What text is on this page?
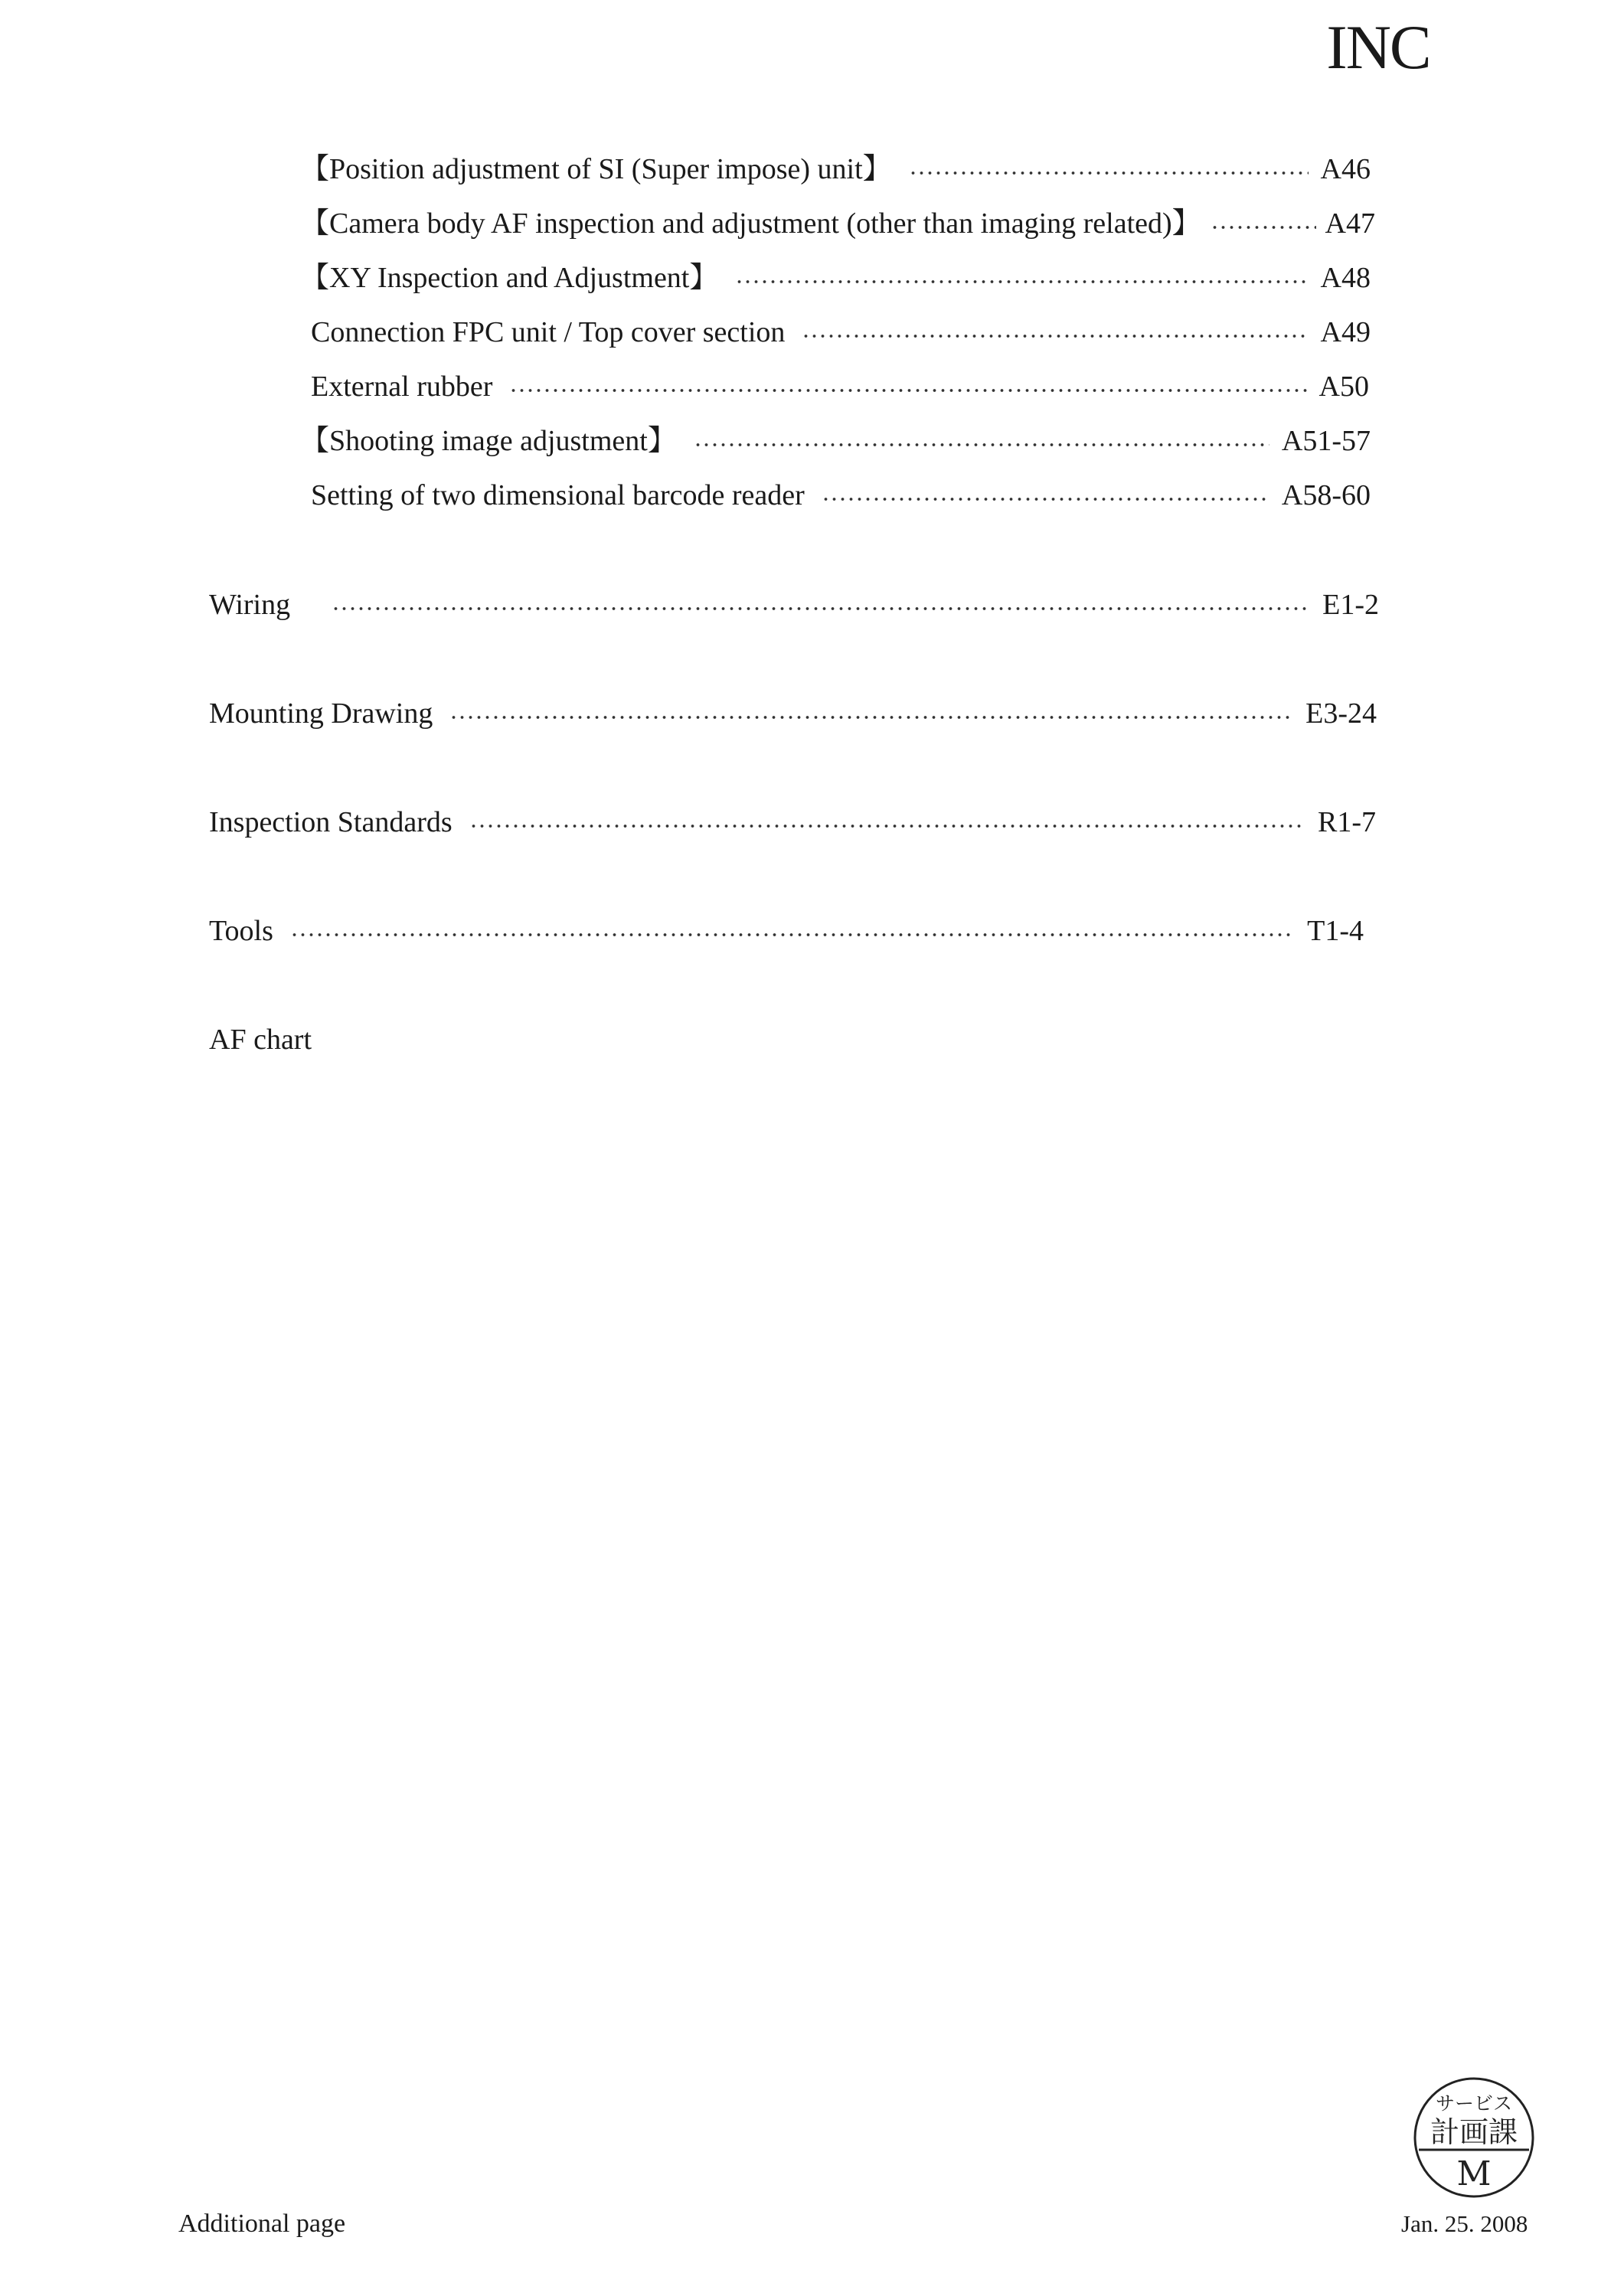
INC
【Position adjustment of SI (Super impose) unit】	A46
【Camera body AF inspection and adjustment (other than imaging related)】	A47
【XY Inspection and Adjustment】	A48
Connection FPC unit / Top cover section	A49
External rubber	A50
【Shooting image adjustment】	A51-57
Setting of two dimensional barcode reader	A58-60
Wiring	E1-2
Mounting Drawing	E3-24
Inspection Standards	R1-7
Tools	T1-4
AF chart
サービス
計画課
M
Additional page	Jan. 25. 2008
